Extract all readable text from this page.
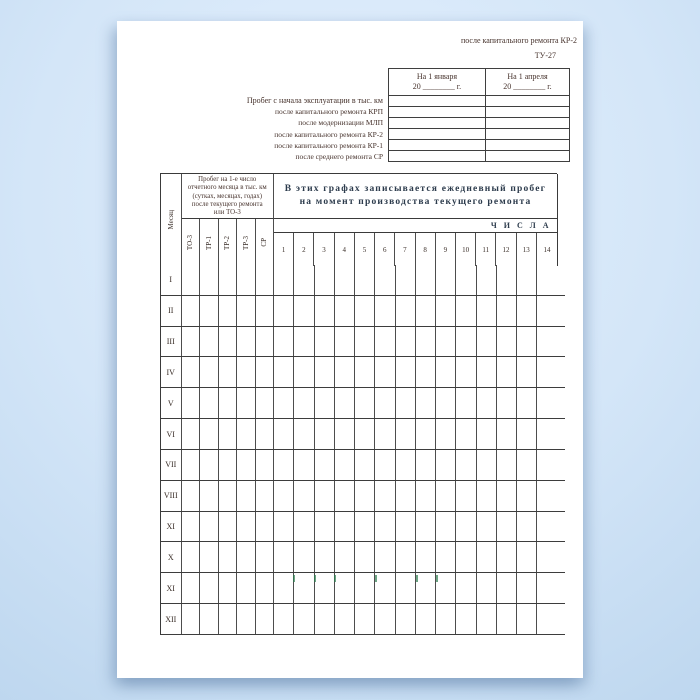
после капитального ремонта КР-2
ТУ-27
На 1 января
20 ________ г.
На 1 апреля
20 ________ г.
Пробег с начала эксплуатации в тыс. км
после капитального ремонта КРП
после модернизации МЛП
после капитального ремонта КР-2
после капитального ремонта КР-1
после среднего ремонта СР
Месяц
Пробег на 1-е число
отчетного месяца в тыс. км
(сутках, месяцах, годах)
после текущего ремонта
или ТО-3
ТО-3 ТР-1 ТР-2 ТР-3 СР
В этих графах записывается ежедневный пробег
на момент производства текущего ремонта
Ч И С Л А
1	2	3	4	5	6	7	8	9	10	11	12	13	14
I
II
III
IV
V
VI
VII
VIII
XI
X
XI
XII
